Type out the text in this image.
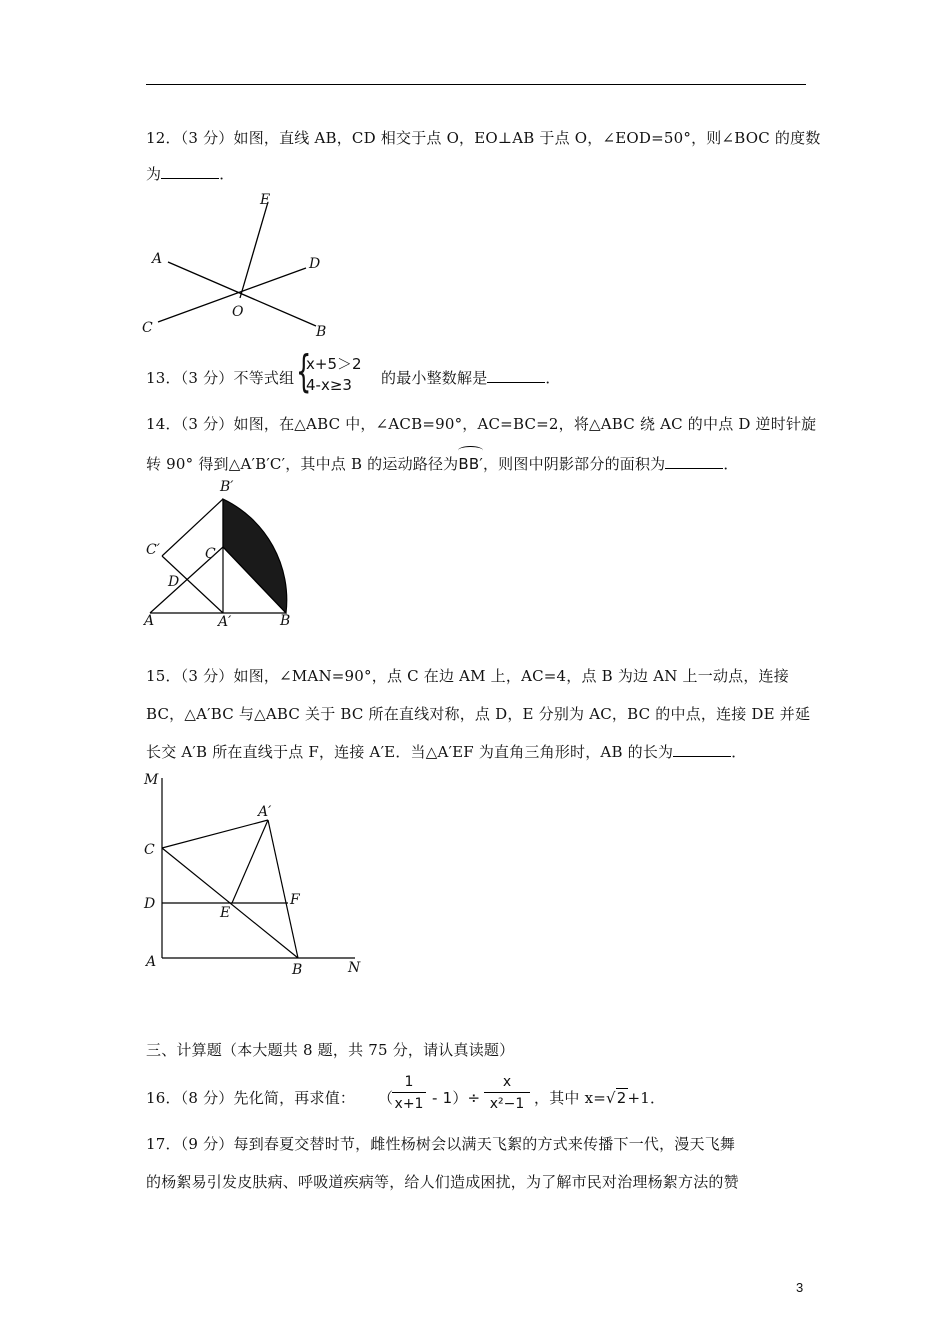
12．（3 分）如图，直线 AB，CD 相交于点 O，EO⊥AB 于点 O，∠EOD=50°，则∠BOC 的度数
为	．
E
A	D
O
C	B
13．（3 分）不等式组 {
x+5＞2
4-x≥3	的最小整数解是	．
14．（3 分）如图，在△ABC 中，∠ACB=90°，AC=BC=2，将△ABC 绕 AC 的中点 D 逆时针旋
转 90° 得到△A′B′C′，其中点 B 的运动路径为
BB′，则图中阴影部分的面积为	．
B′
C′	C
D
A	A′	B
15．（3 分）如图，∠MAN=90°，点 C 在边 AM 上，AC=4，点 B 为边 AN 上一动点，连接
BC，△A′BC 与△ABC 关于 BC 所在直线对称，点 D，E 分别为 AC，BC 的中点，连接 DE 并延
长交 A′B 所在直线于点 F，连接 A′E．当△A′EF 为直角三角形时，AB 的长为	．
M
A′
C
D
E
F
A	B	N
三、计算题（本大题共 8 题，共 75 分，请认真读题）
16．（8 分）先化简，再求值： （
$\frac{1}{x+1} - 1)\div \frac{x}{\text{x²−1}}$ ，其中 x=√2+1．
17．（9 分）每到春夏交替时节，雌性杨树会以满天飞絮的方式来传播下一代，漫天飞舞
的杨絮易引发皮肤病、呼吸道疾病等，给人们造成困扰，为了解市民对治理杨絮方法的赞
3
